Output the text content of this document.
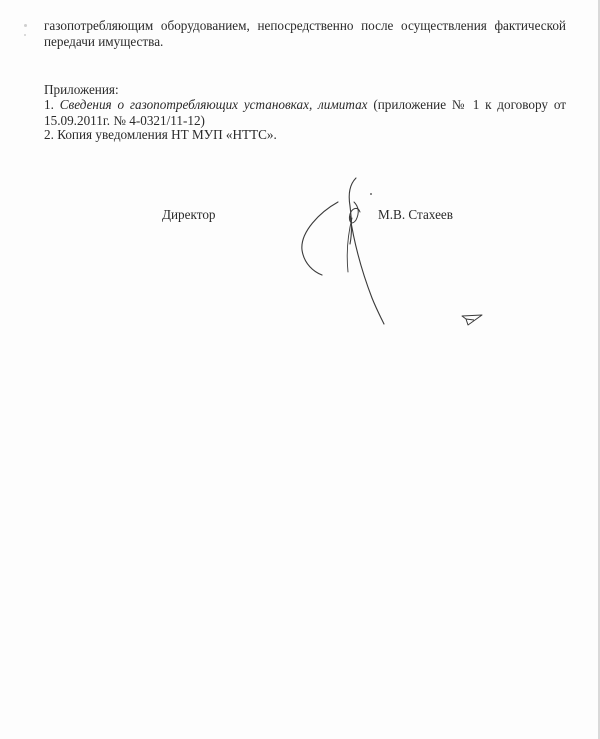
газопотребляющим оборудованием, непосредственно после осуществления фактической
передачи имущества.

Приложения:

1. Сведения о газопотребляющих установках, лимитах (приложение № 1 к договору от
15.09.2011г. № 4-0321/11-12)

2. Копия уведомления НТ МУП «НТТС».

Директор	М.В. Стахеев
